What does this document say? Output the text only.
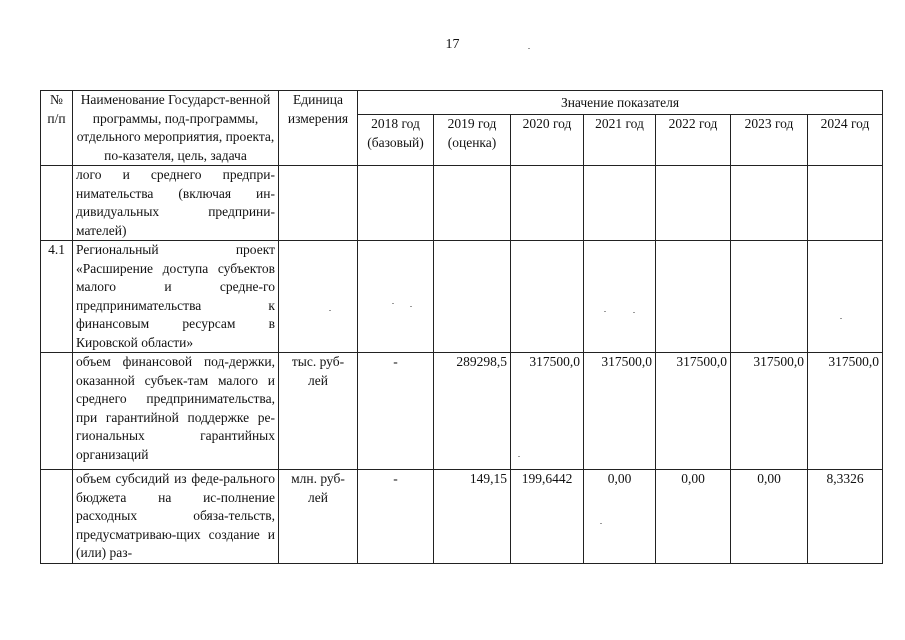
17
№ п/п	Наименование Государст-венной программы, под-программы, отдельного мероприятия, проекта, по-казателя, цель, задача	Единица измерения	Значение показателя						
			2018 год (базовый)	2019 год (оценка)	2020 год	2021 год	2022 год	2023 год	2024 год
	лого и среднего предпри-нимательства (включая ин-дивидуальных предприни-мателей)								
4.1	Региональный проект «Расширение доступа субъектов малого и средне-го предпринимательства к финансовым ресурсам в Кировской области»								
	объем финансовой под-держки, оказанной субъек-там малого и среднего предпринимательства, при гарантийной поддержке ре-гиональных гарантийных организаций	тыс. руб-лей	-	289298,5	317500,0	317500,0	317500,0	317500,0	317500,0
	объем субсидий из феде-рального бюджета на ис-полнение расходных обяза-тельств, предусматриваю-щих создание и (или) раз-	млн. руб-лей	-	149,15	199,6442	0,00	0,00	0,00	8,3326
